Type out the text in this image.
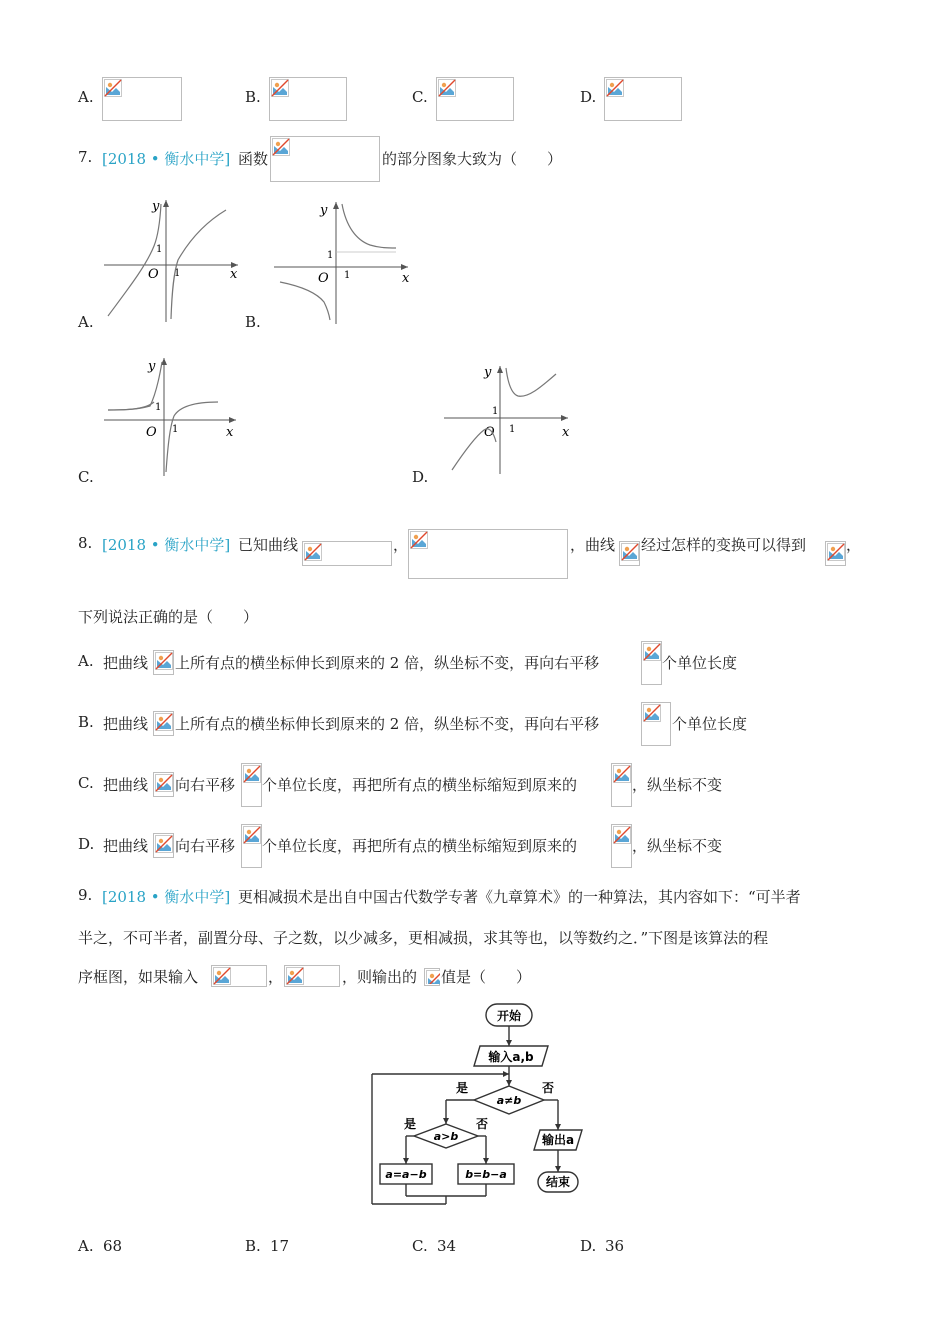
A.	B.	C.	D.
7. [2018 • 衡水中学] 函数	的部分图象大致为（　　）
y
x
O
1
1
A.
y
x
O
1
1
B.
y
x
O
1
1
C.
y
x
O
1
1
D.
8. [2018 • 衡水中学] 已知曲线	，	，曲线 经过怎样的变换可以得到	，
下列说法正确的是（　　）
A. 把曲线 上所有点的横坐标伸长到原来的 2 倍，纵坐标不变，再向右平移	个单位长度
B. 把曲线 上所有点的横坐标伸长到原来的 2 倍，纵坐标不变，再向右平移	个单位长度
C. 把曲线 向右平移 个单位长度，再把所有点的横坐标缩短到原来的	，纵坐标不变
D. 把曲线 向右平移 个单位长度，再把所有点的横坐标缩短到原来的	，纵坐标不变
9. [2018 • 衡水中学] 更相减损术是出自中国古代数学专著《九章算术》的一种算法，其内容如下：“可半者
半之，不可半者，副置分母、子之数，以少减多，更相减损，求其等也，以等数约之．”下图是该算法的程
序框图，如果输入	，	，则输出的 值是（　　）
开始
输入a,b
a≠b
是	否
a>b
是	否
a=a−b	b=b−a
输出a
结束
A. 68	B. 17	C. 34	D. 36
